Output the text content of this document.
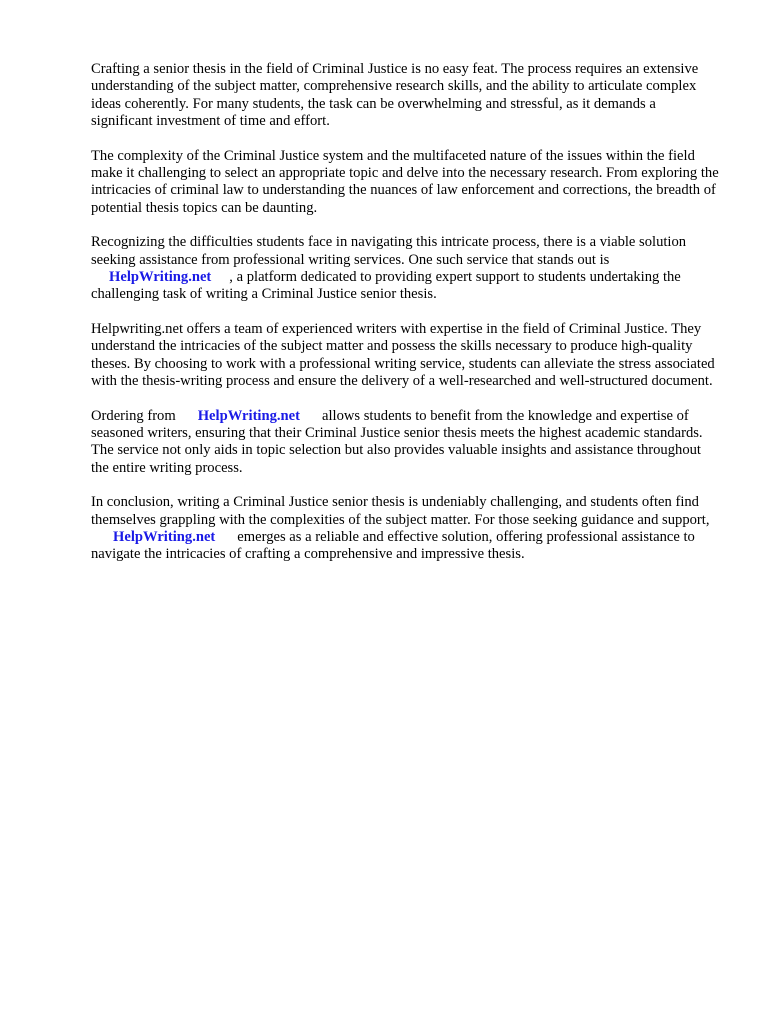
Crafting a senior thesis in the field of Criminal Justice is no easy feat. The process requires an extensive understanding of the subject matter, comprehensive research skills, and the ability to articulate complex ideas coherently. For many students, the task can be overwhelming and stressful, as it demands a significant investment of time and effort.

The complexity of the Criminal Justice system and the multifaceted nature of the issues within the field make it challenging to select an appropriate topic and delve into the necessary research. From exploring the intricacies of criminal law to understanding the nuances of law enforcement and corrections, the breadth of potential thesis topics can be daunting.

Recognizing the difficulties students face in navigating this intricate process, there is a viable solutionseeking assistance from professional writing services. One such service that stands out is
HelpWriting.net , a platform dedicated to providing expert support to students undertaking the challenging task of writing a Criminal Justice senior thesis.

Helpwriting.net offers a team of experienced writers with expertise in the field of Criminal Justice. They understand the intricacies of the subject matter and possess the skills necessary to produce high-quality theses. By choosing to work with a professional writing service, students can alleviate the stress associated with the thesis-writing process and ensure the delivery of a well-researched and well-structured document.

Ordering from HelpWriting.net allows students to benefit from the knowledge and expertise of seasoned writers, ensuring that their Criminal Justice senior thesis meets the highest academic standards. The service not only aids in topic selection but also provides valuable insights and assistance throughout the entire writing process.

In conclusion, writing a Criminal Justice senior thesis is undeniably challenging, and students often find themselves grappling with the complexities of the subject matter. For those seeking guidance and support,HelpWriting.net emerges as a reliable and effective solution, offering professional assistance to navigate the intricacies of crafting a comprehensive and impressive thesis.
